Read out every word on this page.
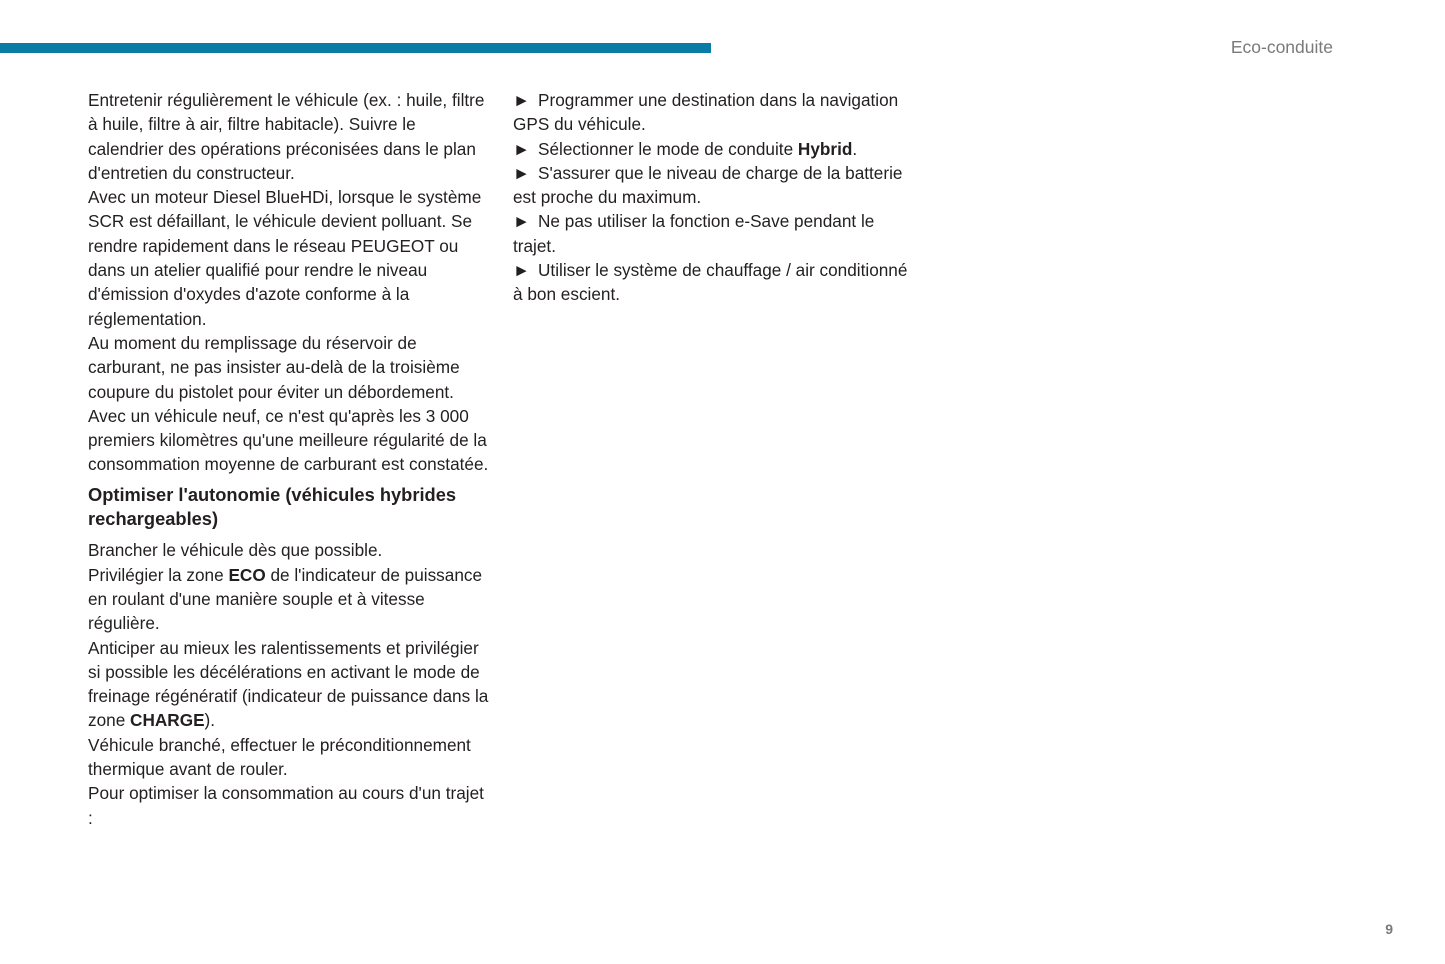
Eco-conduite

Entretenir régulièrement le véhicule (ex. : huile, filtre à huile, filtre à air, filtre habitacle). Suivre le calendrier des opérations préconisées dans le plan d'entretien du constructeur.

Avec un moteur Diesel BlueHDi, lorsque le système SCR est défaillant, le véhicule devient polluant. Se rendre rapidement dans le réseau PEUGEOT ou dans un atelier qualifié pour rendre le niveau d'émission d'oxydes d'azote conforme à la réglementation.

Au moment du remplissage du réservoir de carburant, ne pas insister au-delà de la troisième coupure du pistolet pour éviter un débordement.

Avec un véhicule neuf, ce n'est qu'après les 3 000 premiers kilomètres qu'une meilleure régularité de la consommation moyenne de carburant est constatée.

Optimiser l'autonomie (véhicules hybrides rechargeables)

Brancher le véhicule dès que possible.

Privilégier la zone ECO de l'indicateur de puissance en roulant d'une manière souple et à vitesse régulière.

Anticiper au mieux les ralentissements et privilégier si possible les décélérations en activant le mode de freinage régénératif (indicateur de puissance dans la zone CHARGE).

Véhicule branché, effectuer le préconditionnement thermique avant de rouler.

Pour optimiser la consommation au cours d'un trajet :

► Programmer une destination dans la navigation GPS du véhicule.

► Sélectionner le mode de conduite Hybrid.

► S'assurer que le niveau de charge de la batterie est proche du maximum.

► Ne pas utiliser la fonction e-Save pendant le trajet.

► Utiliser le système de chauffage / air conditionné à bon escient.

9
